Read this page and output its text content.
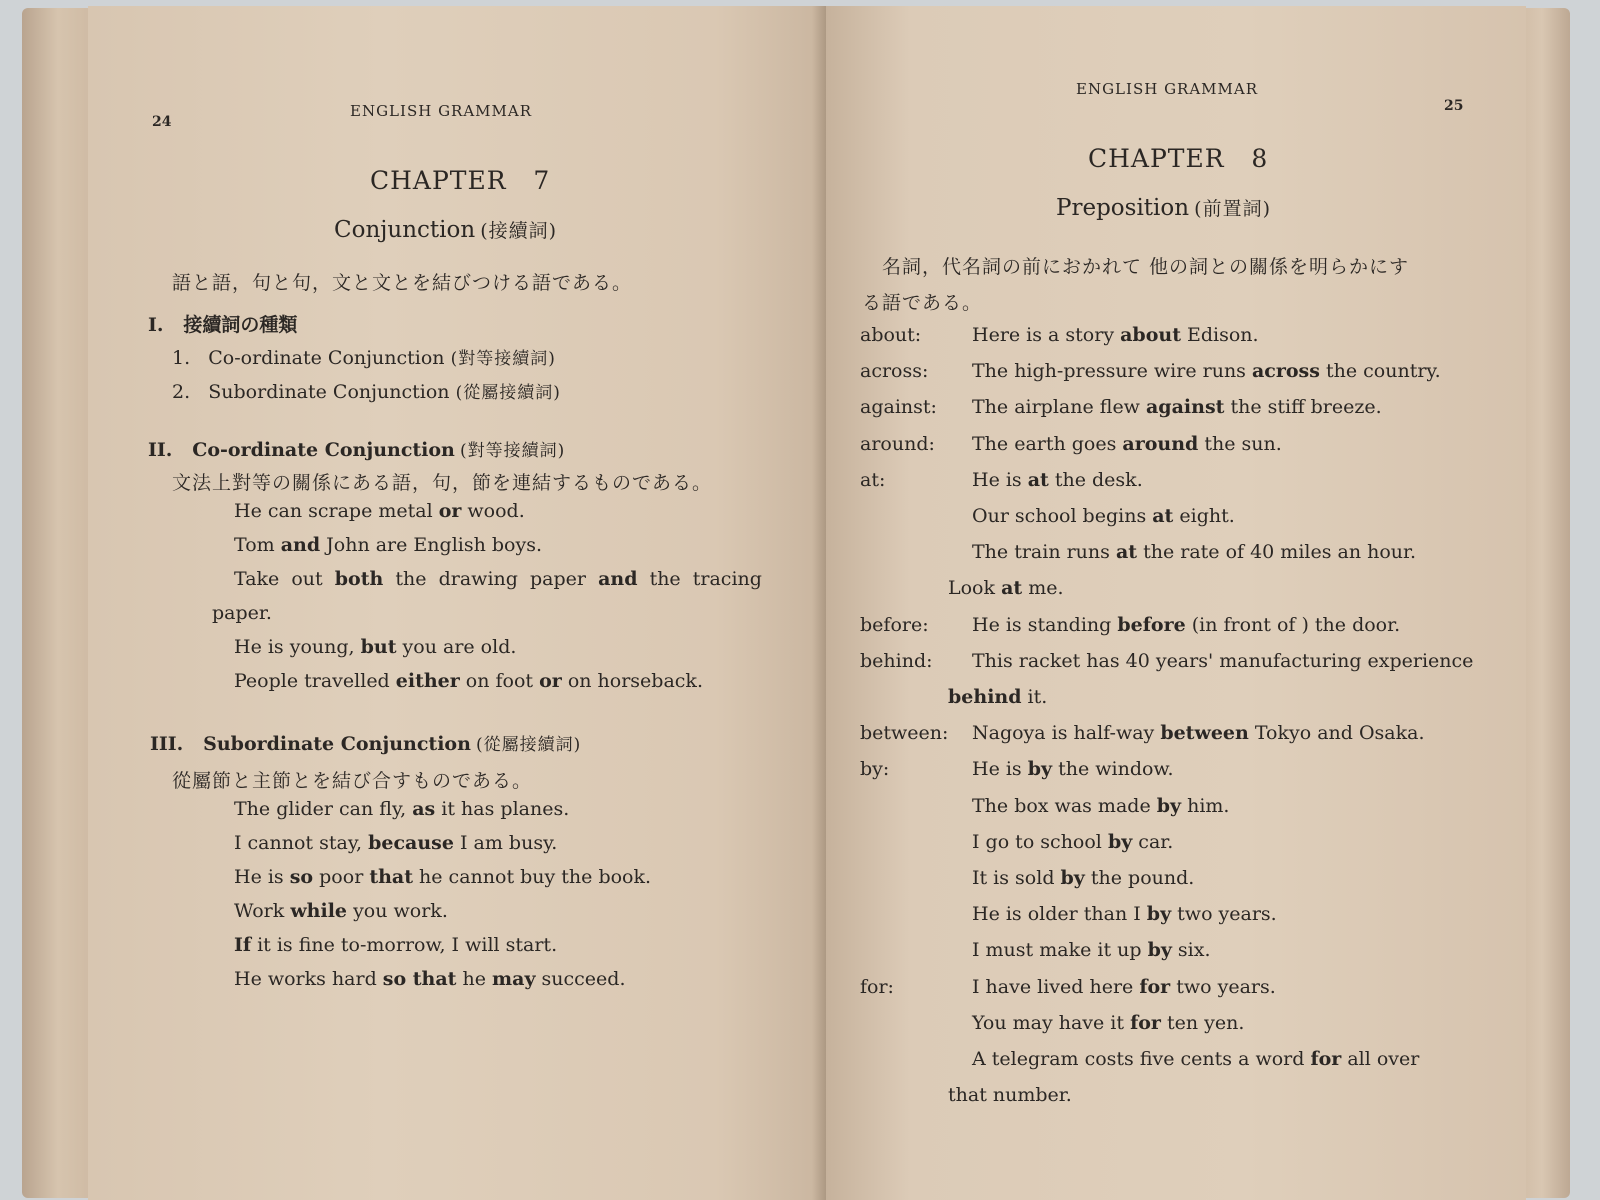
24
ENGLISH GRAMMAR
CHAPTER   7
Conjunction (接續詞)
語と語，句と句，文と文とを結びつける語である。
I.   接續詞の種類
1. Co-ordinate Conjunction (對等接續詞)
2. Subordinate Conjunction (從屬接續詞)
II.   Co-ordinate Conjunction (對等接續詞)
文法上對等の關係にある語，句，節を連結するものである。
He can scrape metal or wood.
Tom and John are English boys.
Take  out  both  the  drawing  paper  and  the  tracing
paper.
He is young, but you are old.
People travelled either on foot or on horseback.
III.   Subordinate Conjunction (從屬接續詞)
從屬節と主節とを結び合すものである。
The glider can fly, as it has planes.
I cannot stay, because I am busy.
He is so poor that he cannot buy the book.
Work while you work.
If it is fine to-morrow, I will start.
He works hard so that he may succeed.
ENGLISH GRAMMAR
25
CHAPTER   8
Preposition (前置詞)
名詞，代名詞の前におかれて 他の詞との關係を明らかにす
る語である。
about:	Here is a story about Edison.
across: The high-pressure wire runs across the country.
against: The airplane flew against the stiff breeze.
around: The earth goes around the sun.
at:	He is at the desk.
Our school begins at eight.
The train runs at the rate of 40 miles an hour.
Look at me.
before: He is standing before (in front of ) the door.
behind: This racket has 40 years' manufacturing experience
behind it.
between: Nagoya is half-way between Tokyo and Osaka.
by:	He is by the window.
The box was made by him.
I go to school by car.
It is sold by the pound.
He is older than I by two years.
I must make it up by six.
for:	I have lived here for two years.
You may have it for ten yen.
A telegram costs five cents a word for all over
that number.
